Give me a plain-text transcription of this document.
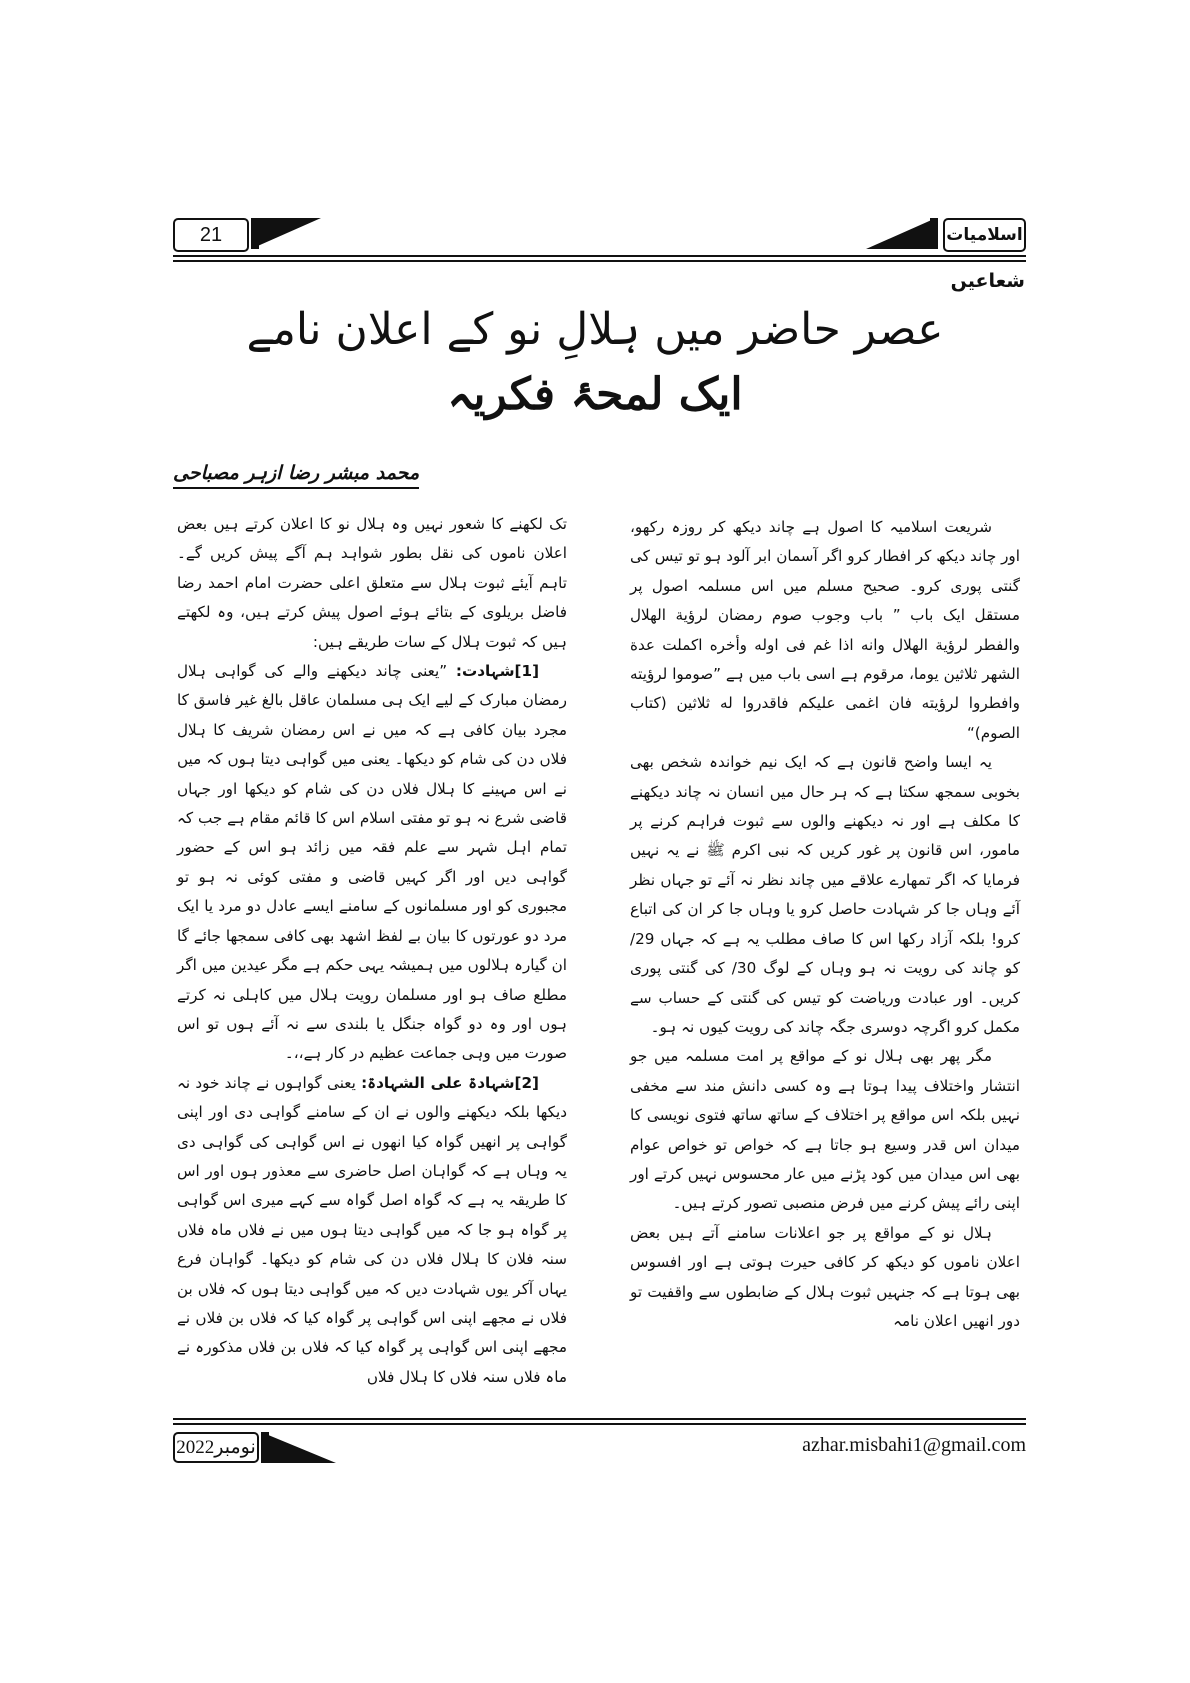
21	اسلامیات
شعاعیں
عصر حاضر میں ہلالِ نو کے اعلان نامے
ایک لمحۂ فکریہ
محمد مبشر رضا ازہر مصباحی

شریعت اسلامیہ کا اصول ہے چاند دیکھ کر روزہ رکھو، اور چاند دیکھ کر افطار کرو اگر آسمان ابر آلود ہو تو تیس کی گنتی پوری کرو۔ صحیح مسلم میں اس مسلمہ اصول پر مستقل ایک باب ” باب وجوب صوم رمضان لرؤیة الھلال والفطر لرؤیة الھلال وانه اذا غم فی اوله وأخره اکملت عدة الشهر ثلاثین یوما، مرقوم ہے اسی باب میں ہے ”صوموا لرؤیته وافطروا لرؤیته فان اغمی علیکم فاقدروا له ثلاثین (کتاب الصوم)“

یہ ایسا واضح قانون ہے کہ ایک نیم خواندہ شخص بھی بخوبی سمجھ سکتا ہے کہ ہر حال میں انسان نہ چاند دیکھنے کا مکلف ہے اور نہ دیکھنے والوں سے ثبوت فراہم کرنے پر مامور، اس قانون پر غور کریں کہ نبی اکرم ﷺ نے یہ نہیں فرمایا کہ اگر تمھارے علاقے میں چاند نظر نہ آئے تو جہاں نظر آئے وہاں جا کر شہادت حاصل کرو یا وہاں جا کر ان کی اتباع کرو! بلکہ آزاد رکھا اس کا صاف مطلب یہ ہے کہ جہاں 29/ کو چاند کی رویت نہ ہو وہاں کے لوگ 30/ کی گنتی پوری کریں۔ اور عبادت وریاضت کو تیس کی گنتی کے حساب سے مکمل کرو اگرچہ دوسری جگہ چاند کی رویت کیوں نہ ہو۔

مگر پھر بھی ہلال نو کے مواقع پر امت مسلمہ میں جو انتشار واختلاف پیدا ہوتا ہے وہ کسی دانش مند سے مخفی نہیں بلکہ اس مواقع پر اختلاف کے ساتھ ساتھ فتوی نویسی کا میدان اس قدر وسیع ہو جاتا ہے کہ خواص تو خواص عوام بھی اس میدان میں کود پڑنے میں عار محسوس نہیں کرتے اور اپنی رائے پیش کرنے میں فرض منصبی تصور کرتے ہیں۔

ہلال نو کے مواقع پر جو اعلانات سامنے آتے ہیں بعض اعلان ناموں کو دیکھ کر کافی حیرت ہوتی ہے اور افسوس بھی ہوتا ہے کہ جنہیں ثبوت ہلال کے ضابطوں سے واقفیت تو دور انھیں اعلان نامہ

تک لکھنے کا شعور نہیں وہ ہلال نو کا اعلان کرتے ہیں بعض اعلان ناموں کی نقل بطور شواہد ہم آگے پیش کریں گے۔ تاہم آیئے ثبوت ہلال سے متعلق اعلی حضرت امام احمد رضا فاضل بریلوی کے بتائے ہوئے اصول پیش کرتے ہیں، وہ لکھتے ہیں کہ ثبوت ہلال کے سات طریقے ہیں:

[1]شہادت: ”یعنی چاند دیکھنے والے کی گواہی ہلال رمضان مبارک کے لیے ایک ہی مسلمان عاقل بالغ غیر فاسق کا مجرد بیان کافی ہے کہ میں نے اس رمضان شریف کا ہلال فلاں دن کی شام کو دیکھا۔ یعنی میں گواہی دیتا ہوں کہ میں نے اس مہینے کا ہلال فلاں دن کی شام کو دیکھا اور جہاں قاضی شرع نہ ہو تو مفتی اسلام اس کا قائم مقام ہے جب کہ تمام اہل شہر سے علم فقہ میں زائد ہو اس کے حضور گواہی دیں اور اگر کہیں قاضی و مفتی کوئی نہ ہو تو مجبوری کو اور مسلمانوں کے سامنے ایسے عادل دو مرد یا ایک مرد دو عورتوں کا بیان بے لفظ اشھد بھی کافی سمجھا جائے گا ان گیارہ ہلالوں میں ہمیشہ یہی حکم ہے مگر عیدین میں اگر مطلع صاف ہو اور مسلمان رویت ہلال میں کاہلی نہ کرتے ہوں اور وہ دو گواہ جنگل یا بلندی سے نہ آئے ہوں تو اس صورت میں وہی جماعت عظیم در کار ہے،،۔

[2]شہادۃ علی الشہادۃ: یعنی گواہوں نے چاند خود نہ دیکھا بلکہ دیکھنے والوں نے ان کے سامنے گواہی دی اور اپنی گواہی پر انھیں گواہ کیا انھوں نے اس گواہی کی گواہی دی یہ وہاں ہے کہ گواہان اصل حاضری سے معذور ہوں اور اس کا طریقہ یہ ہے کہ گواہ اصل گواہ سے کہے میری اس گواہی پر گواہ ہو جا کہ میں گواہی دیتا ہوں میں نے فلاں ماہ فلاں سنہ فلان کا ہلال فلاں دن کی شام کو دیکھا۔ گواہان فرع یہاں آکر یوں شہادت دیں کہ میں گواہی دیتا ہوں کہ فلاں بن فلاں نے مجھے اپنی اس گواہی پر گواہ کیا کہ فلاں بن فلاں نے مجھے اپنی اس گواہی پر گواہ کیا کہ فلاں بن فلاں مذکورہ نے ماہ فلاں سنہ فلاں کا ہلال فلاں

نومبر2022	azhar.misbahi1@gmail.com
